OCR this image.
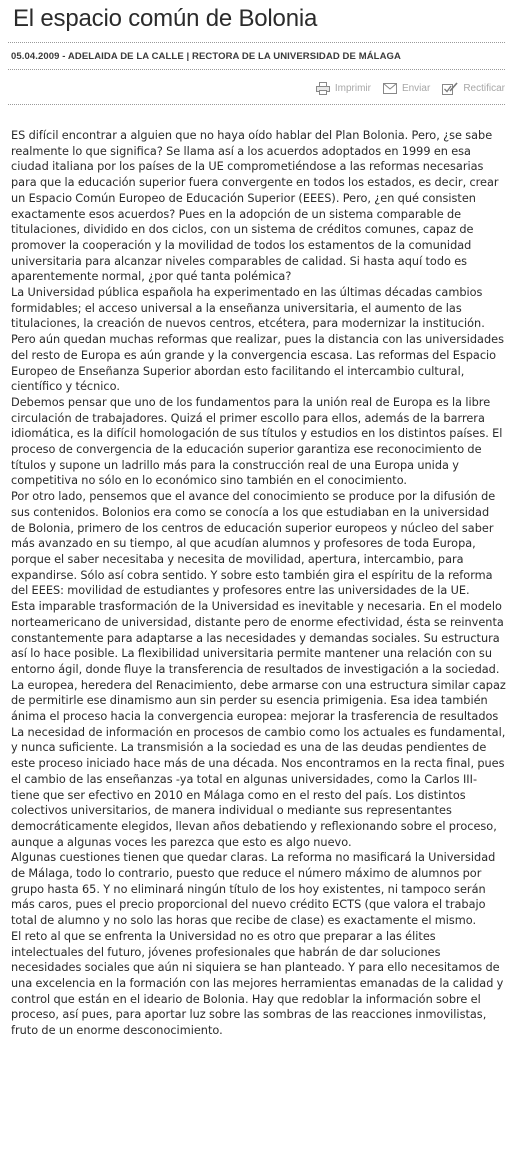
El espacio común de Bolonia
05.04.2009 - ADELAIDA DE LA CALLE | RECTORA DE LA UNIVERSIDAD DE MÁLAGA
Imprimir	Enviar	Rectificar

ES difícil encontrar a alguien que no haya oído hablar del Plan Bolonia. Pero, ¿se sabe realmente lo que significa? Se llama así a los acuerdos adoptados en 1999 en esa ciudad italiana por los países de la UE comprometiéndose a las reformas necesarias para que la educación superior fuera convergente en todos los estados, es decir, crear un Espacio Común Europeo de Educación Superior (EEES). Pero, ¿en qué consisten exactamente esos acuerdos? Pues en la adopción de un sistema comparable de titulaciones, dividido en dos ciclos, con un sistema de créditos comunes, capaz de promover la cooperación y la movilidad de todos los estamentos de la comunidad universitaria para alcanzar niveles comparables de calidad. Si hasta aquí todo es aparentemente normal, ¿por qué tanta polémica?

La Universidad pública española ha experimentado en las últimas décadas cambios formidables; el acceso universal a la enseñanza universitaria, el aumento de las titulaciones, la creación de nuevos centros, etcétera, para modernizar la institución. Pero aún quedan muchas reformas que realizar, pues la distancia con las universidades del resto de Europa es aún grande y la convergencia escasa. Las reformas del Espacio Europeo de Enseñanza Superior abordan esto facilitando el intercambio cultural, científico y técnico.

Debemos pensar que uno de los fundamentos para la unión real de Europa es la libre circulación de trabajadores. Quizá el primer escollo para ellos, además de la barrera idiomática, es la difícil homologación de sus títulos y estudios en los distintos países. El proceso de convergencia de la educación superior garantiza ese reconocimiento de títulos y supone un ladrillo más para la construcción real de una Europa unida y competitiva no sólo en lo económico sino también en el conocimiento.

Por otro lado, pensemos que el avance del conocimiento se produce por la difusión de sus contenidos. Bolonios era como se conocía a los que estudiaban en la universidad de Bolonia, primero de los centros de educación superior europeos y núcleo del saber más avanzado en su tiempo, al que acudían alumnos y profesores de toda Europa, porque el saber necesitaba y necesita de movilidad, apertura, intercambio, para expandirse. Sólo así cobra sentido. Y sobre esto también gira el espíritu de la reforma del EEES: movilidad de estudiantes y profesores entre las universidades de la UE.

Esta imparable trasformación de la Universidad es inevitable y necesaria. En el modelo norteamericano de universidad, distante pero de enorme efectividad, ésta se reinventa constantemente para adaptarse a las necesidades y demandas sociales. Su estructura así lo hace posible. La flexibilidad universitaria permite mantener una relación con su entorno ágil, donde fluye la transferencia de resultados de investigación a la sociedad. La europea, heredera del Renacimiento, debe armarse con una estructura similar capaz de permitirle ese dinamismo aun sin perder su esencia primigenia. Esa idea también ánima el proceso hacia la convergencia europea: mejorar la trasferencia de resultados

La necesidad de información en procesos de cambio como los actuales es fundamental, y nunca suficiente. La transmisión a la sociedad es una de las deudas pendientes de este proceso iniciado hace más de una década. Nos encontramos en la recta final, pues el cambio de las enseñanzas -ya total en algunas universidades, como la Carlos III- tiene que ser efectivo en 2010 en Málaga como en el resto del país. Los distintos colectivos universitarios, de manera individual o mediante sus representantes democráticamente elegidos, llevan años debatiendo y reflexionando sobre el proceso, aunque a algunas voces les parezca que esto es algo nuevo.

Algunas cuestiones tienen que quedar claras. La reforma no masificará la Universidad de Málaga, todo lo contrario, puesto que reduce el número máximo de alumnos por grupo hasta 65. Y no eliminará ningún título de los hoy existentes, ni tampoco serán más caros, pues el precio proporcional del nuevo crédito ECTS (que valora el trabajo total de alumno y no solo las horas que recibe de clase) es exactamente el mismo.

El reto al que se enfrenta la Universidad no es otro que preparar a las élites intelectuales del futuro, jóvenes profesionales que habrán de dar soluciones necesidades sociales que aún ni siquiera se han planteado. Y para ello necesitamos de una excelencia en la formación con las mejores herramientas emanadas de la calidad y control que están en el ideario de Bolonia. Hay que redoblar la información sobre el proceso, así pues, para aportar luz sobre las sombras de las reacciones inmovilistas, fruto de un enorme desconocimiento.
